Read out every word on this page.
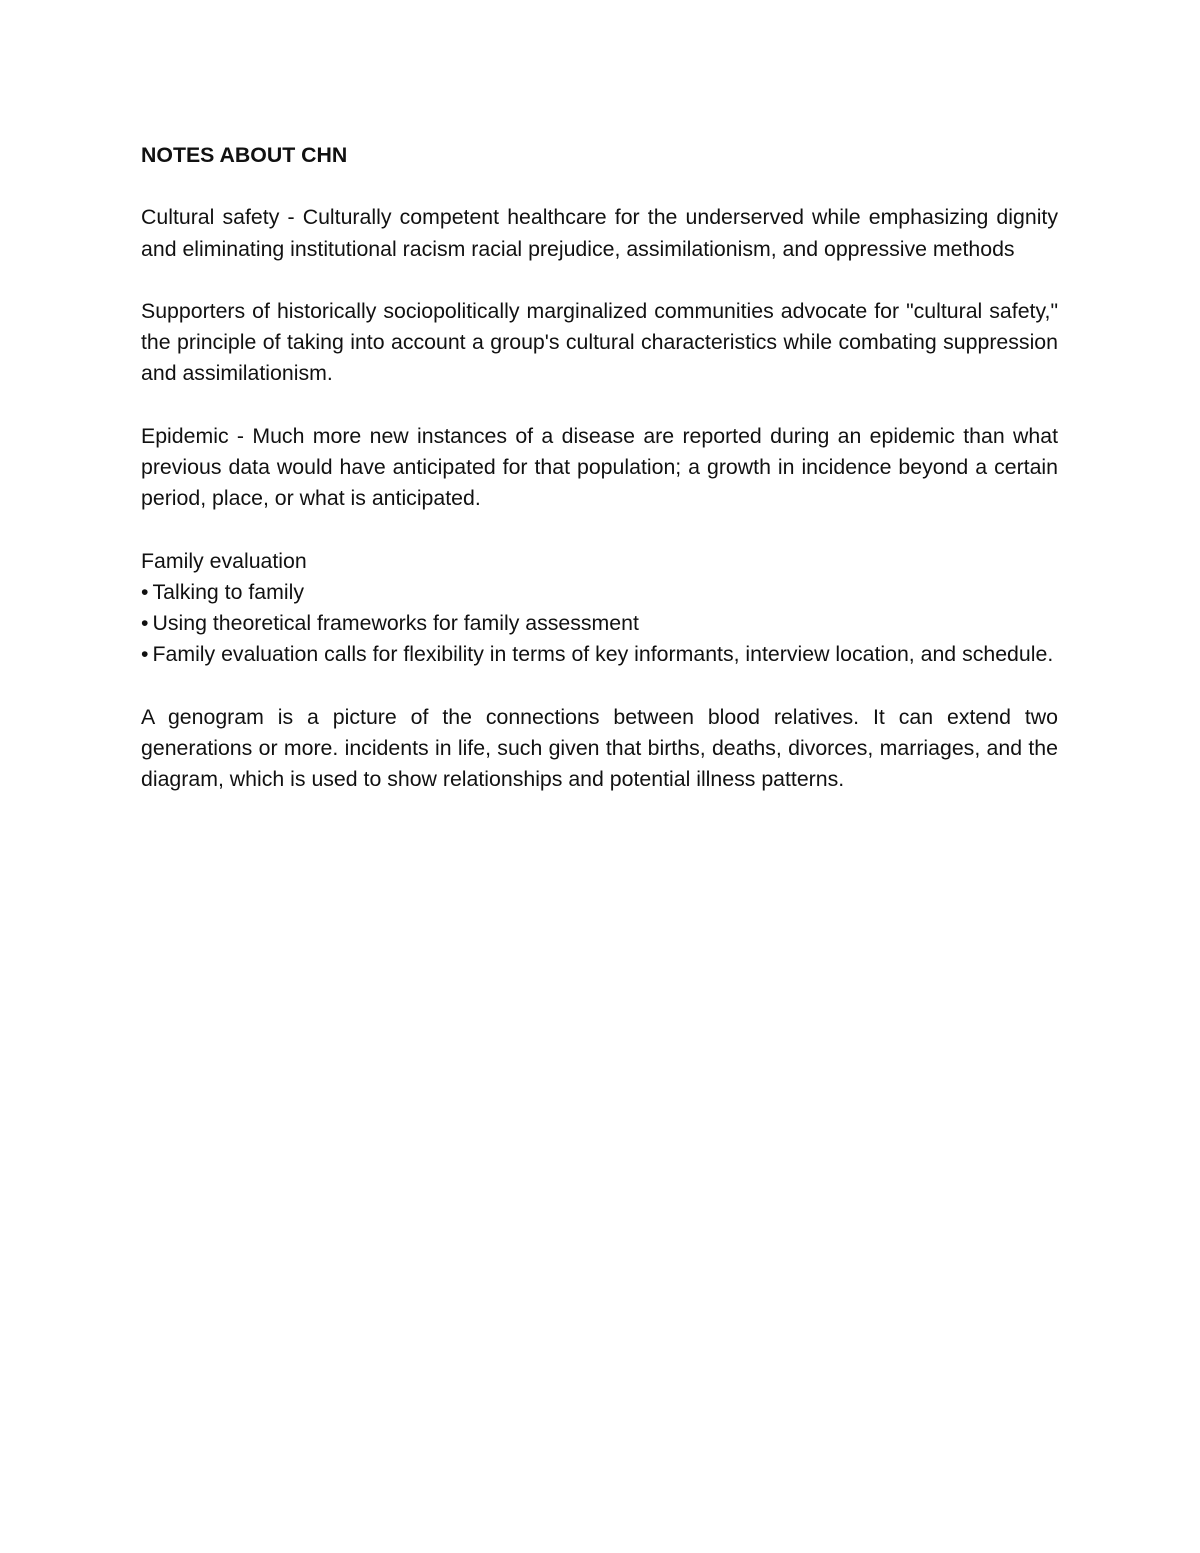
NOTES ABOUT CHN

Cultural safety - Culturally competent healthcare for the underserved while emphasizing dignity and eliminating institutional racism racial prejudice, assimilationism, and oppressive methods

Supporters of historically sociopolitically marginalized communities advocate for "cultural safety," the principle of taking into account a group's cultural characteristics while combating suppression and assimilationism.

Epidemic - Much more new instances of a disease are reported during an epidemic than what previous data would have anticipated for that population; a growth in incidence beyond a certain period, place, or what is anticipated.

Family evaluation

• Talking to family
• Using theoretical frameworks for family assessment
• Family evaluation calls for flexibility in terms of key informants, interview location, and schedule.

A genogram is a picture of the connections between blood relatives. It can extend two generations or more. incidents in life, such given that births, deaths, divorces, marriages, and the diagram, which is used to show relationships and potential illness patterns.
